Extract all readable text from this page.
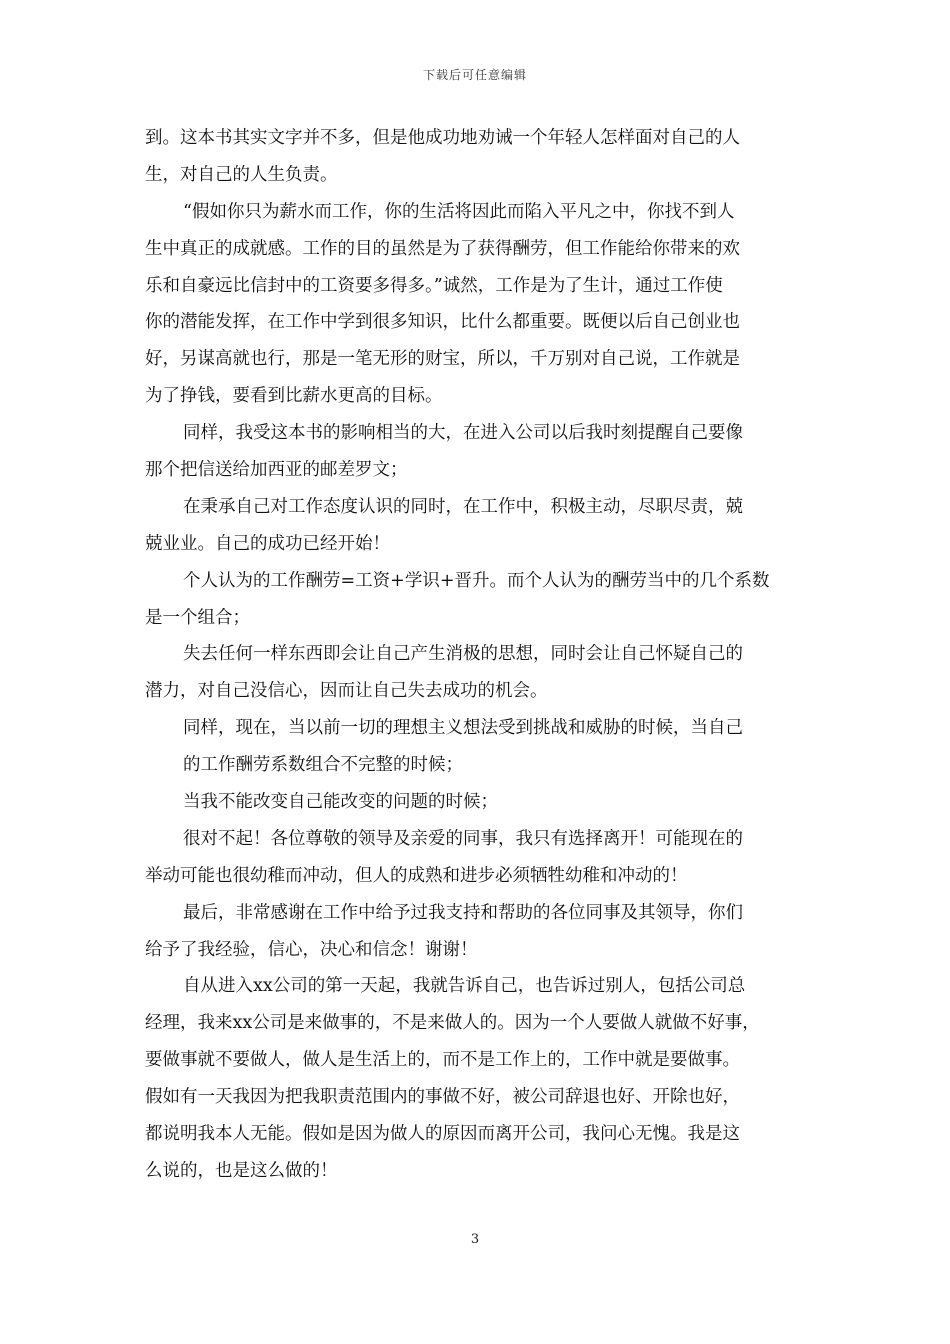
下载后可任意编辑
到。这本书其实文字并不多，但是他成功地劝诫一个年轻人怎样面对自己的人
生，对自己的人生负责。
“假如你只为薪水而工作，你的生活将因此而陷入平凡之中，你找不到人
生中真正的成就感。工作的目的虽然是为了获得酬劳，但工作能给你带来的欢
乐和自豪远比信封中的工资要多得多。”诚然，工作是为了生计，通过工作使
你的潜能发挥，在工作中学到很多知识，比什么都重要。既便以后自己创业也
好，另谋高就也行，那是一笔无形的财宝，所以，千万别对自己说，工作就是
为了挣钱，要看到比薪水更高的目标。
同样，我受这本书的影响相当的大，在进入公司以后我时刻提醒自己要像
那个把信送给加西亚的邮差罗文；
在秉承自己对工作态度认识的同时，在工作中，积极主动，尽职尽责，兢
兢业业。自己的成功已经开始！
个人认为的工作酬劳=工资+学识+晋升。而个人认为的酬劳当中的几个系数
是一个组合；
失去任何一样东西即会让自己产生消极的思想，同时会让自己怀疑自己的
潜力，对自己没信心，因而让自己失去成功的机会。
同样，现在，当以前一切的理想主义想法受到挑战和威胁的时候，当自己
的工作酬劳系数组合不完整的时候；
当我不能改变自己能改变的问题的时候；
很对不起！各位尊敬的领导及亲爱的同事，我只有选择离开！可能现在的
举动可能也很幼稚而冲动，但人的成熟和进步必须牺牲幼稚和冲动的！
最后，非常感谢在工作中给予过我支持和帮助的各位同事及其领导，你们
给予了我经验，信心，决心和信念！谢谢！
自从进入xx公司的第一天起，我就告诉自己，也告诉过别人，包括公司总
经理，我来xx公司是来做事的，不是来做人的。因为一个人要做人就做不好事，
要做事就不要做人，做人是生活上的，而不是工作上的，工作中就是要做事。
假如有一天我因为把我职责范围内的事做不好，被公司辞退也好、开除也好，
都说明我本人无能。假如是因为做人的原因而离开公司，我问心无愧。我是这
么说的，也是这么做的！
3
